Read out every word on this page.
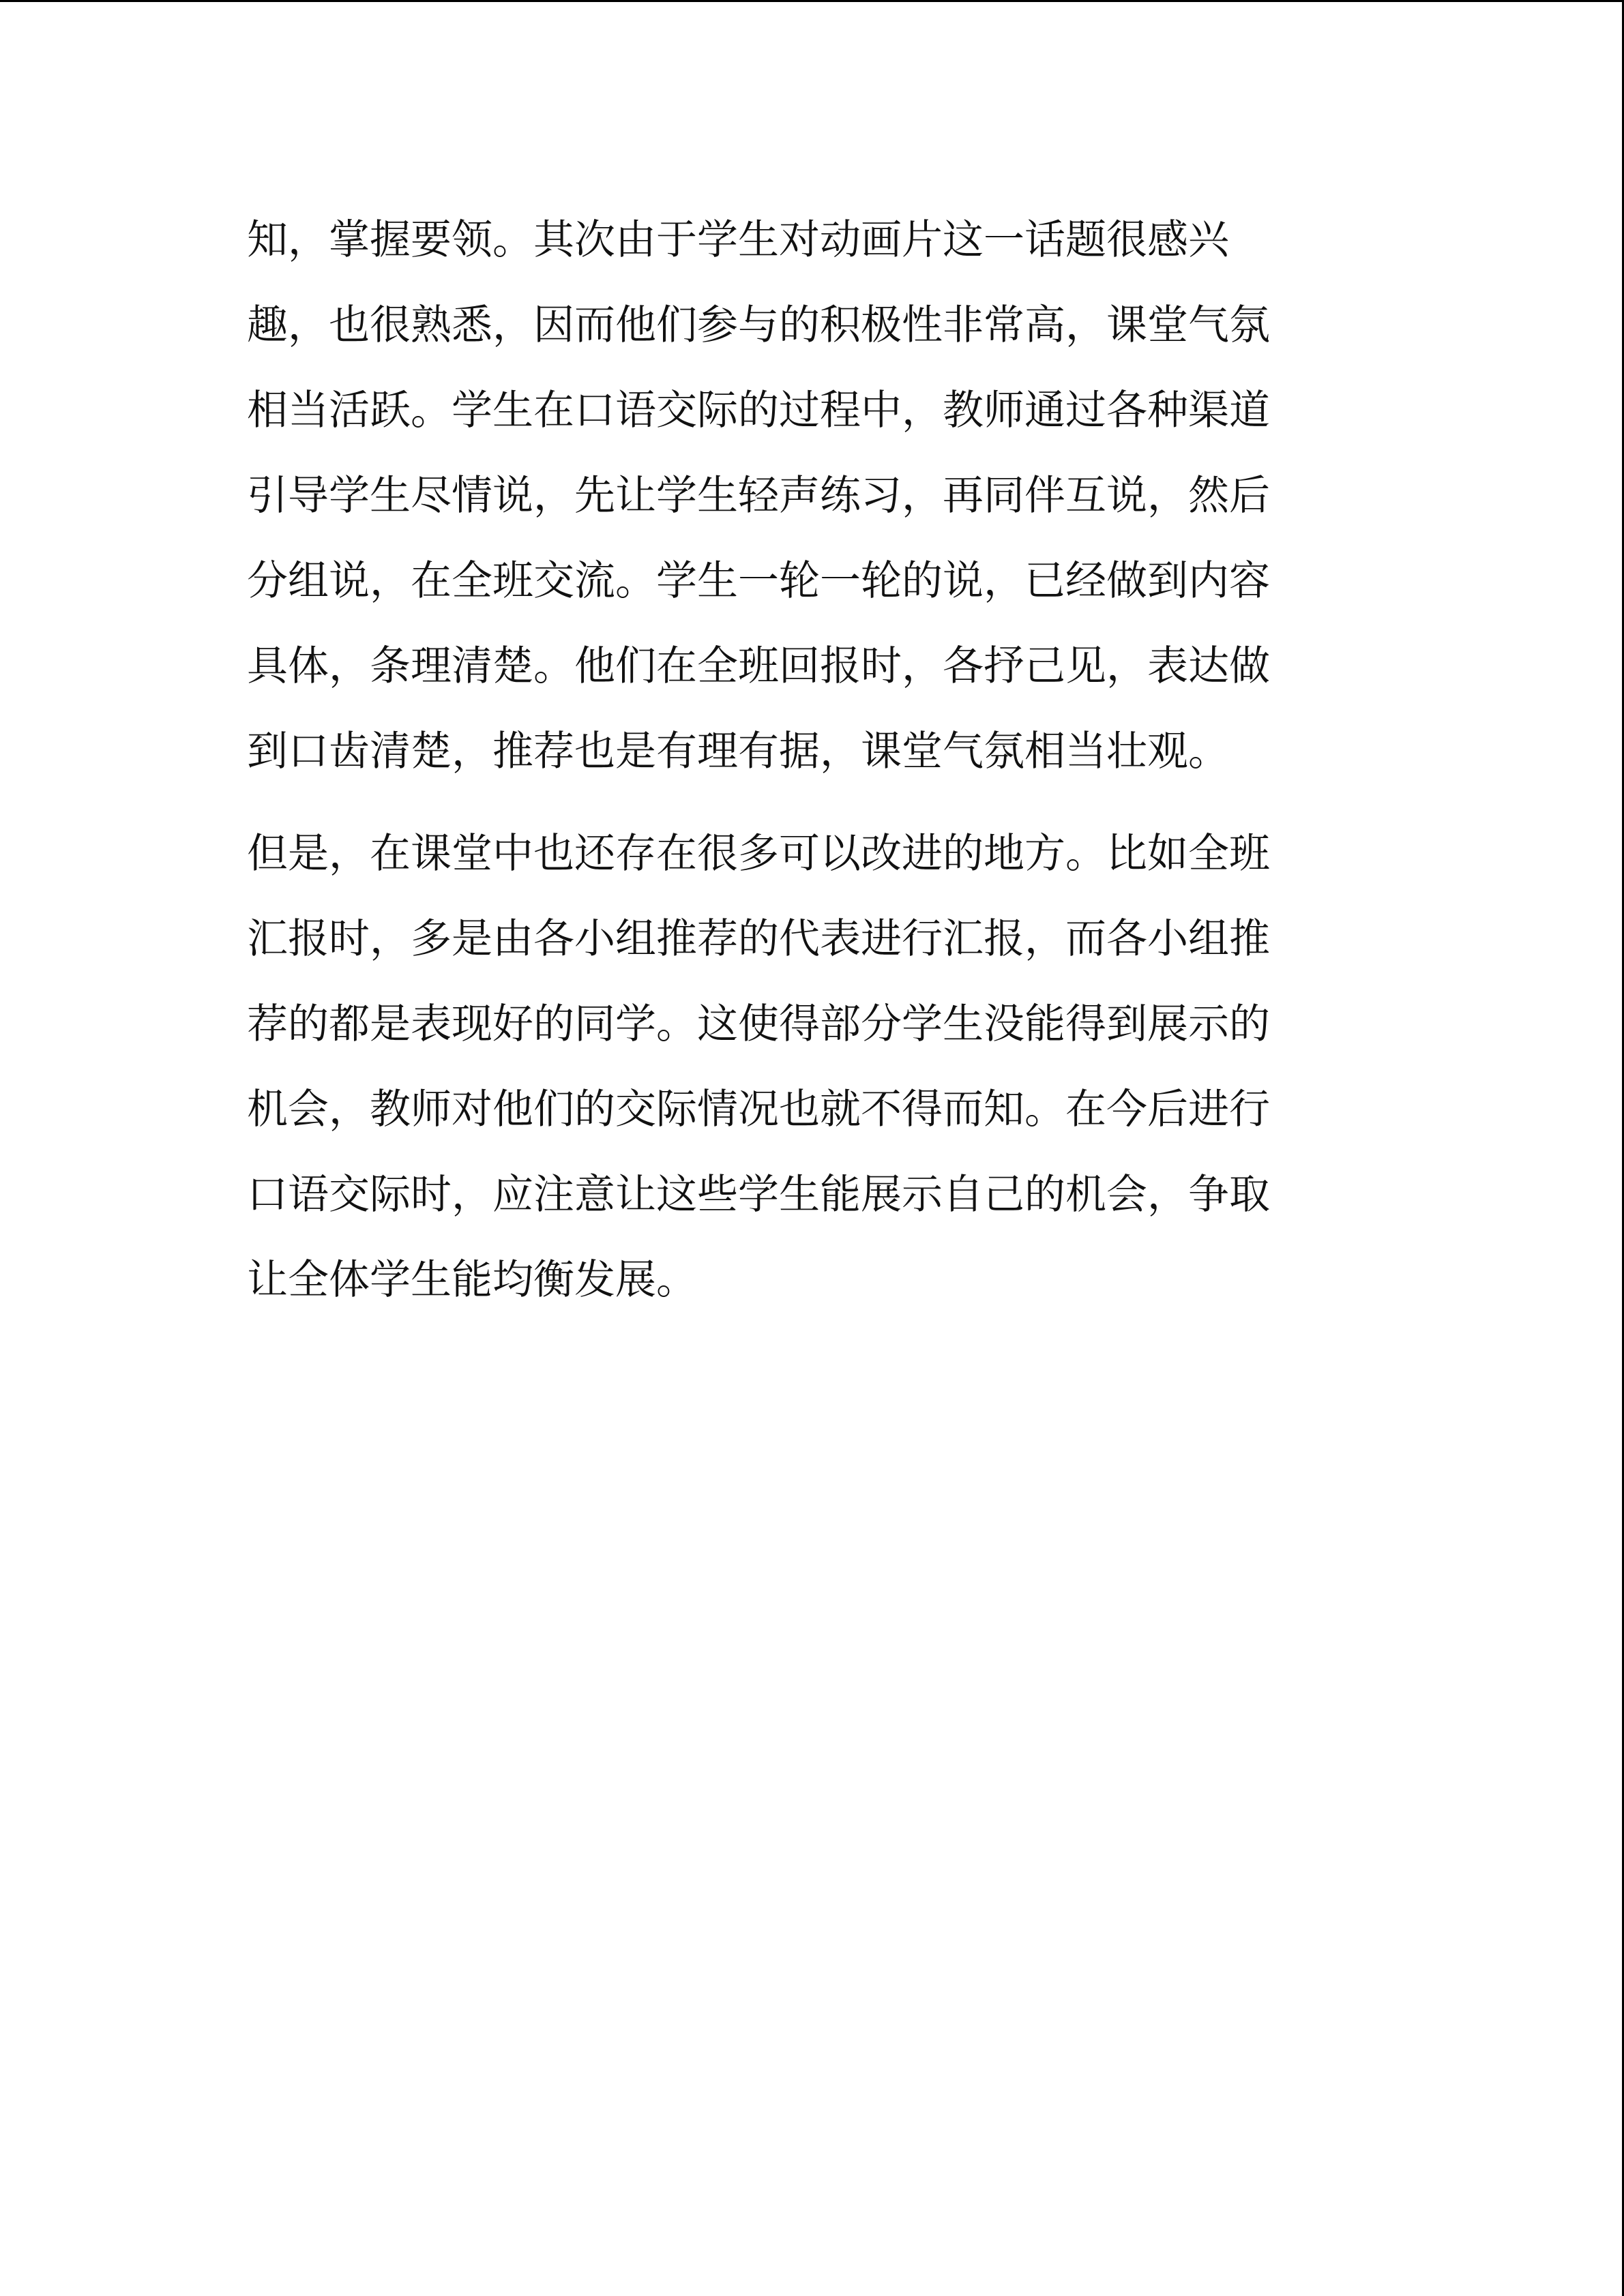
知，掌握要领。其次由于学生对动画片这一话题很感兴
趣，也很熟悉，因而他们参与的积极性非常高，课堂气氛
相当活跃。学生在口语交际的过程中，教师通过各种渠道
引导学生尽情说，先让学生轻声练习，再同伴互说，然后
分组说，在全班交流。学生一轮一轮的说，已经做到内容
具体，条理清楚。他们在全班回报时，各抒己见，表达做
到口齿清楚，推荐也是有理有据，课堂气氛相当壮观。
但是，在课堂中也还存在很多可以改进的地方。比如全班
汇报时，多是由各小组推荐的代表进行汇报，而各小组推
荐的都是表现好的同学。这使得部分学生没能得到展示的
机会，教师对他们的交际情况也就不得而知。在今后进行
口语交际时，应注意让这些学生能展示自己的机会，争取
让全体学生能均衡发展。
